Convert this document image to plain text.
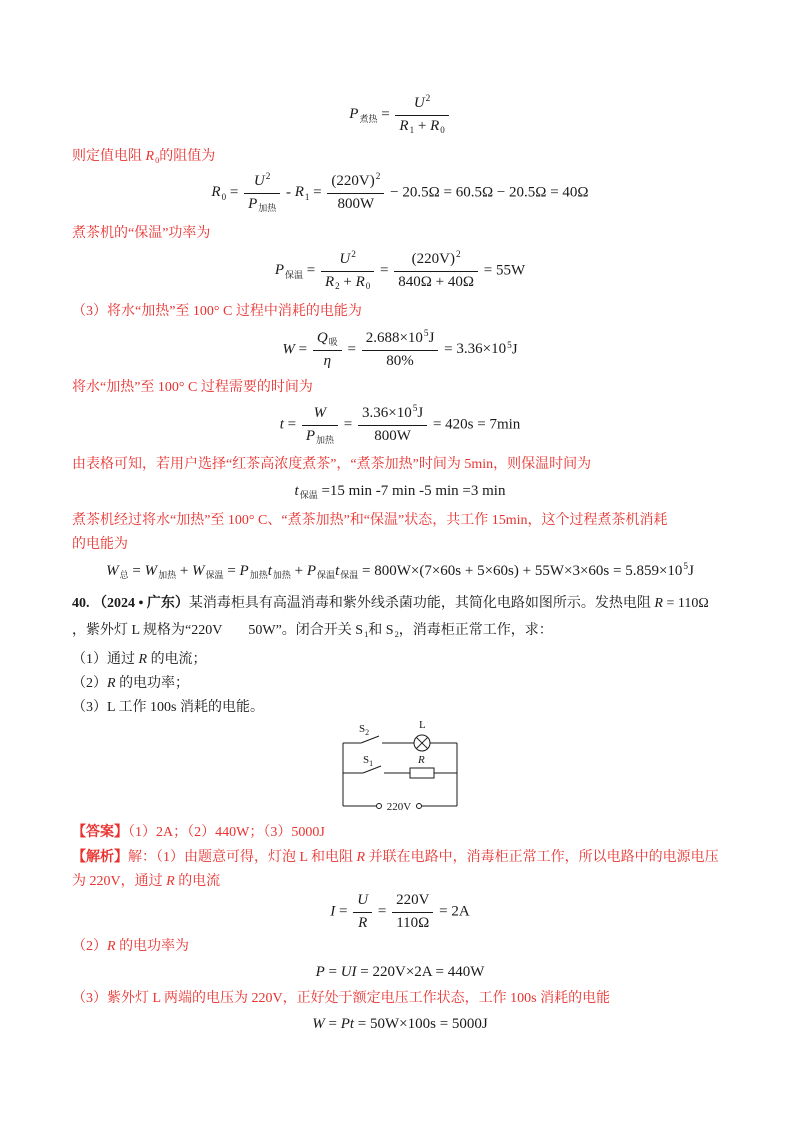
$P_{煮热} = \frac{U^2}{R_1 + R_0}$
则定值电阻 $R_0$的阻值为
$R_0 = \frac{U^2}{P_{加热}} - R_1 = \frac{(220V)^2}{800W} - 20.5\Omega = 60.5\Omega - 20.5\Omega = 40\Omega$
煮茶机的“保温”功率为
$P_{保温} = \frac{U^2}{R_2 + R_0} = \frac{(220V)^2}{840\Omega + 40\Omega} = 55W$
（3）将水“加热”至 100° C 过程中消耗的电能为
$W = \frac{Q_吸}{\eta} = \frac{2.688\times 10^5J}{80\%} = 3.36\times 10^5J$
将水“加热”至 100° C 过程需要的时间为
$t = \frac{W}{P_{加热}} = \frac{3.36\times 10^5J}{800W} = 420s = 7\min$
由表格可知，若用户选择“红茶高浓度煮茶”，“煮茶加热”时间为 5min，则保温时间为
$t_{保温} =15$ min -7 min -5 min =3 min
煮茶机经过将水“加热”至 100° C、“煮茶加热”和“保温”状态，共工作 15min，这个过程煮茶机消耗
的电能为
$W_总 = W_{加热} + W_{保温} = P_{加热}t_{加热} + P_{保温}t_{保温} = 800W\times(7\times 60s + 5\times 60s) + 55W\times 3\times 60s = 5.859\times 10^5J$
40. （2024 • 广东）某消毒柜具有高温消毒和紫外线杀菌功能，其简化电路如图所示。发热电阻 R = 110Ω
，紫外灯 L 规格为“220V 50W”。闭合开关 $S_1$和 $S_2$，消毒柜正常工作，求：
（1）通过 R 的电流；
（2）R 的电功率；
（3）L 工作 100s 消耗的电能。
$S_2$
L
$S_1$	R
220V
【答案】（1）2A；（2）440W；（3）5000J
【解析】解：（1）由题意可得，灯泡 L 和电阻 R 并联在电路中，消毒柜正常工作，所以电路中的电源电压
为 220V，通过 R 的电流
$I = \frac{U}{R} = \frac{220V}{110\Omega} = 2A$
（2）R 的电功率为
P = UI = 220V×2A = 440W
（3）紫外灯 L 两端的电压为 220V，正好处于额定电压工作状态，工作 100s 消耗的电能
W = Pt = 50W×100s = 5000J
